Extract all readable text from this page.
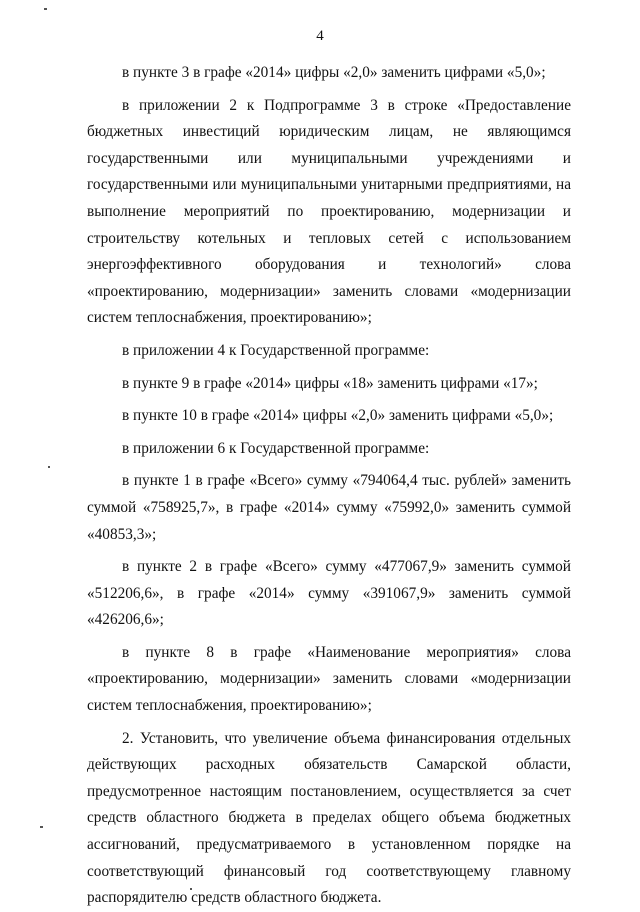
4

в пункте 3 в графе «2014» цифры «2,0» заменить цифрами «5,0»;

в приложении 2 к Подпрограмме 3 в строке «Предоставление бюджетных инвестиций юридическим лицам, не являющимся государственными или муниципальными учреждениями и государственными или муниципальными унитарными предприятиями, на выполнение мероприятий по проектированию, модернизации и строительству котельных и тепловых сетей с использованием энергоэффективного оборудования и технологий» слова «проектированию, модернизации» заменить словами «модернизации систем теплоснабжения, проектированию»;

в приложении 4 к Государственной программе:

в пункте 9 в графе «2014» цифры «18» заменить цифрами «17»;

в пункте 10 в графе «2014» цифры «2,0» заменить цифрами «5,0»;

в приложении 6 к Государственной программе:

в пункте 1 в графе «Всего» сумму «794064,4 тыс. рублей» заменить суммой «758925,7», в графе «2014» сумму «75992,0» заменить суммой «40853,3»;

в пункте 2 в графе «Всего» сумму «477067,9» заменить суммой «512206,6», в графе «2014» сумму «391067,9» заменить суммой «426206,6»;

в пункте 8 в графе «Наименование мероприятия» слова «проектированию, модернизации» заменить словами «модернизации систем теплоснабжения, проектированию»;

2. Установить, что увеличение объема финансирования отдельных действующих расходных обязательств Самарской области, предусмотренное настоящим постановлением, осуществляется за счет средств областного бюджета в пределах общего объема бюджетных ассигнований, предусматриваемого в установленном порядке на соответствующий финансовый год соответствующему главному распорядителю средств областного бюджета.
